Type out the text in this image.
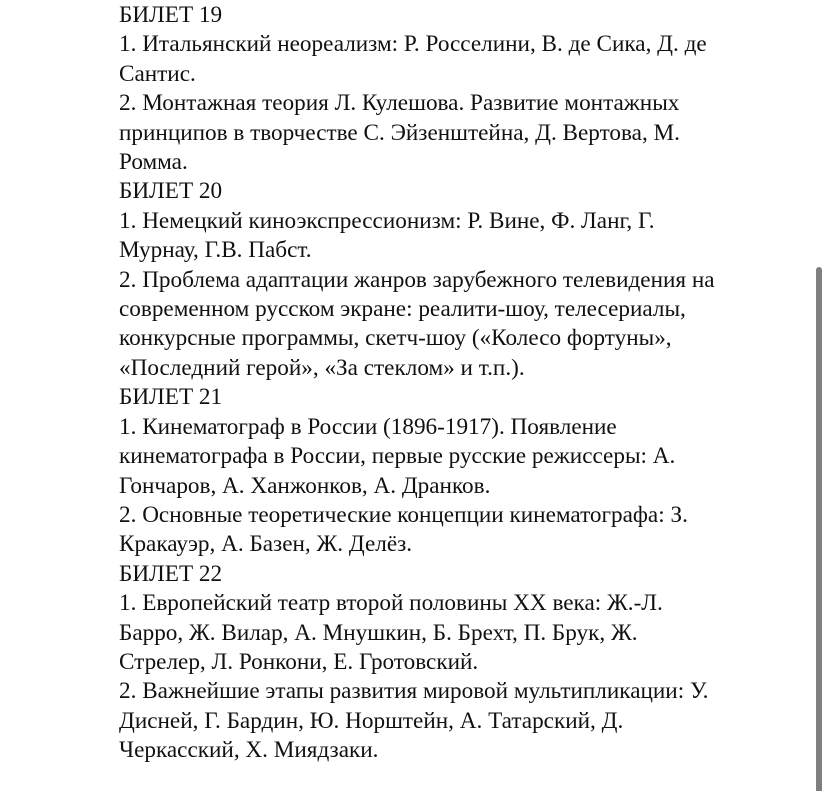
БИЛЕТ 19
1. Итальянский неореализм: Р. Росселини, В. де Сика, Д. де
Сантис.
2. Монтажная теория Л. Кулешова. Развитие монтажных
принципов в творчестве С. Эйзенштейна, Д. Вертова, М.
Ромма.
БИЛЕТ 20
1. Немецкий киноэкспрессионизм: Р. Вине, Ф. Ланг, Г.
Мурнау, Г.В. Пабст.
2. Проблема адаптации жанров зарубежного телевидения на
современном русском экране: реалити-шоу, телесериалы,
конкурсные программы, скетч-шоу («Колесо фортуны»,
«Последний герой», «За стеклом» и т.п.).
БИЛЕТ 21
1. Кинематограф в России (1896-1917). Появление
кинематографа в России, первые русские режиссеры: А.
Гончаров, А. Ханжонков, А. Дранков.
2. Основные теоретические концепции кинематографа: З.
Кракауэр, А. Базен, Ж. Делёз.
БИЛЕТ 22
1. Европейский театр второй половины XX века: Ж.-Л.
Барро, Ж. Вилар, А. Мнушкин, Б. Брехт, П. Брук, Ж.
Стрелер, Л. Ронкони, Е. Гротовский.
2. Важнейшие этапы развития мировой мультипликации: У.
Дисней, Г. Бардин, Ю. Норштейн, А. Татарский, Д.
Черкасский, Х. Миядзаки.
